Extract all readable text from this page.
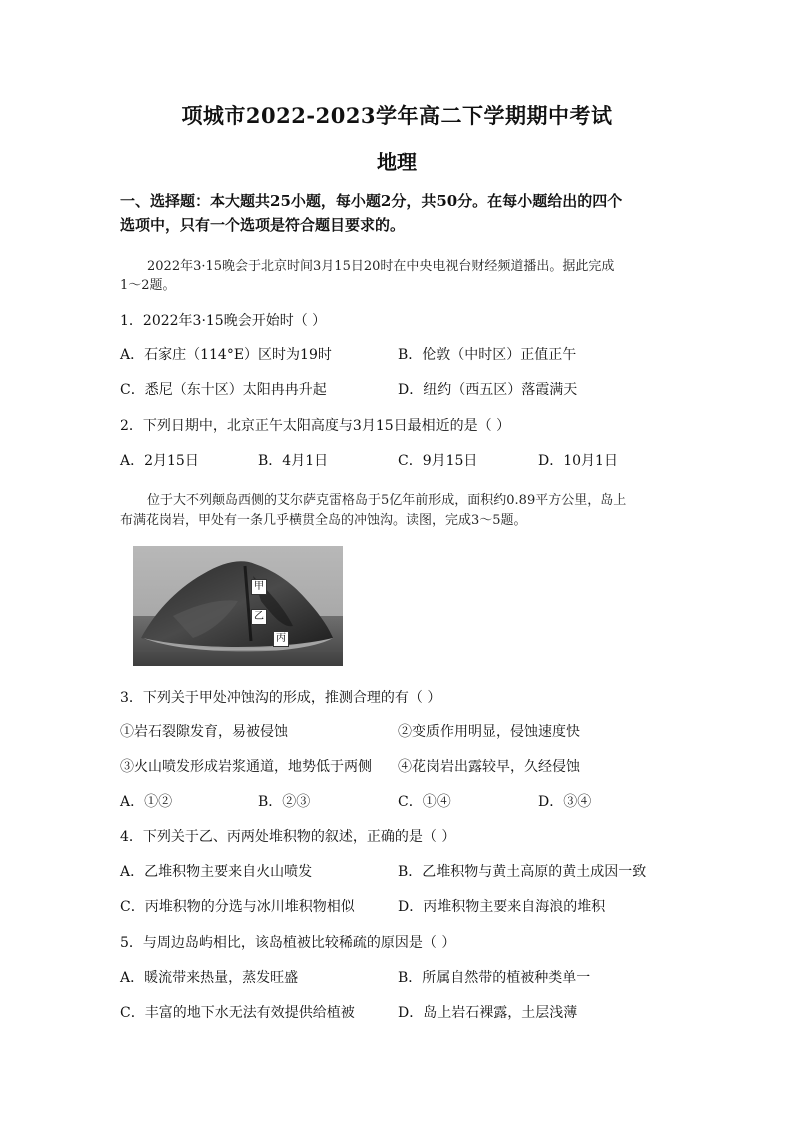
项城市2022-2023学年高二下学期期中考试
地理
一、选择题：本大题共25小题，每小题2分，共50分。在每小题给出的四个
选项中，只有一个选项是符合题目要求的。
2022年3·15晚会于北京时间3月15日20时在中央电视台财经频道播出。据此完成
1～2题。
1．2022年3·15晚会开始时（ ）
A．石家庄（114°E）区时为19时	B．伦敦（中时区）正值正午
C．悉尼（东十区）太阳冉冉升起	D．纽约（西五区）落霞满天
2．下列日期中，北京正午太阳高度与3月15日最相近的是（ ）
A．2月15日	B．4月1日	C．9月15日	D．10月1日
位于大不列颠岛西侧的艾尔萨克雷格岛于5亿年前形成，面积约0.89平方公里，岛上
布满花岗岩，甲处有一条几乎横贯全岛的冲蚀沟。读图，完成3～5题。
甲
乙
丙
3．下列关于甲处冲蚀沟的形成，推测合理的有（ ）
①岩石裂隙发育，易被侵蚀	②变质作用明显，侵蚀速度快
③火山喷发形成岩浆通道，地势低于两侧 ④花岗岩出露较早，久经侵蚀
A．①②	B．②③	C．①④	D．③④
4．下列关于乙、丙两处堆积物的叙述，正确的是（ ）
A．乙堆积物主要来自火山喷发	B．乙堆积物与黄土高原的黄土成因一致
C．丙堆积物的分选与冰川堆积物相似	D．丙堆积物主要来自海浪的堆积
5．与周边岛屿相比，该岛植被比较稀疏的原因是（ ）
A．暖流带来热量，蒸发旺盛	B．所属自然带的植被种类单一
C．丰富的地下水无法有效提供给植被	D．岛上岩石裸露，土层浅薄
